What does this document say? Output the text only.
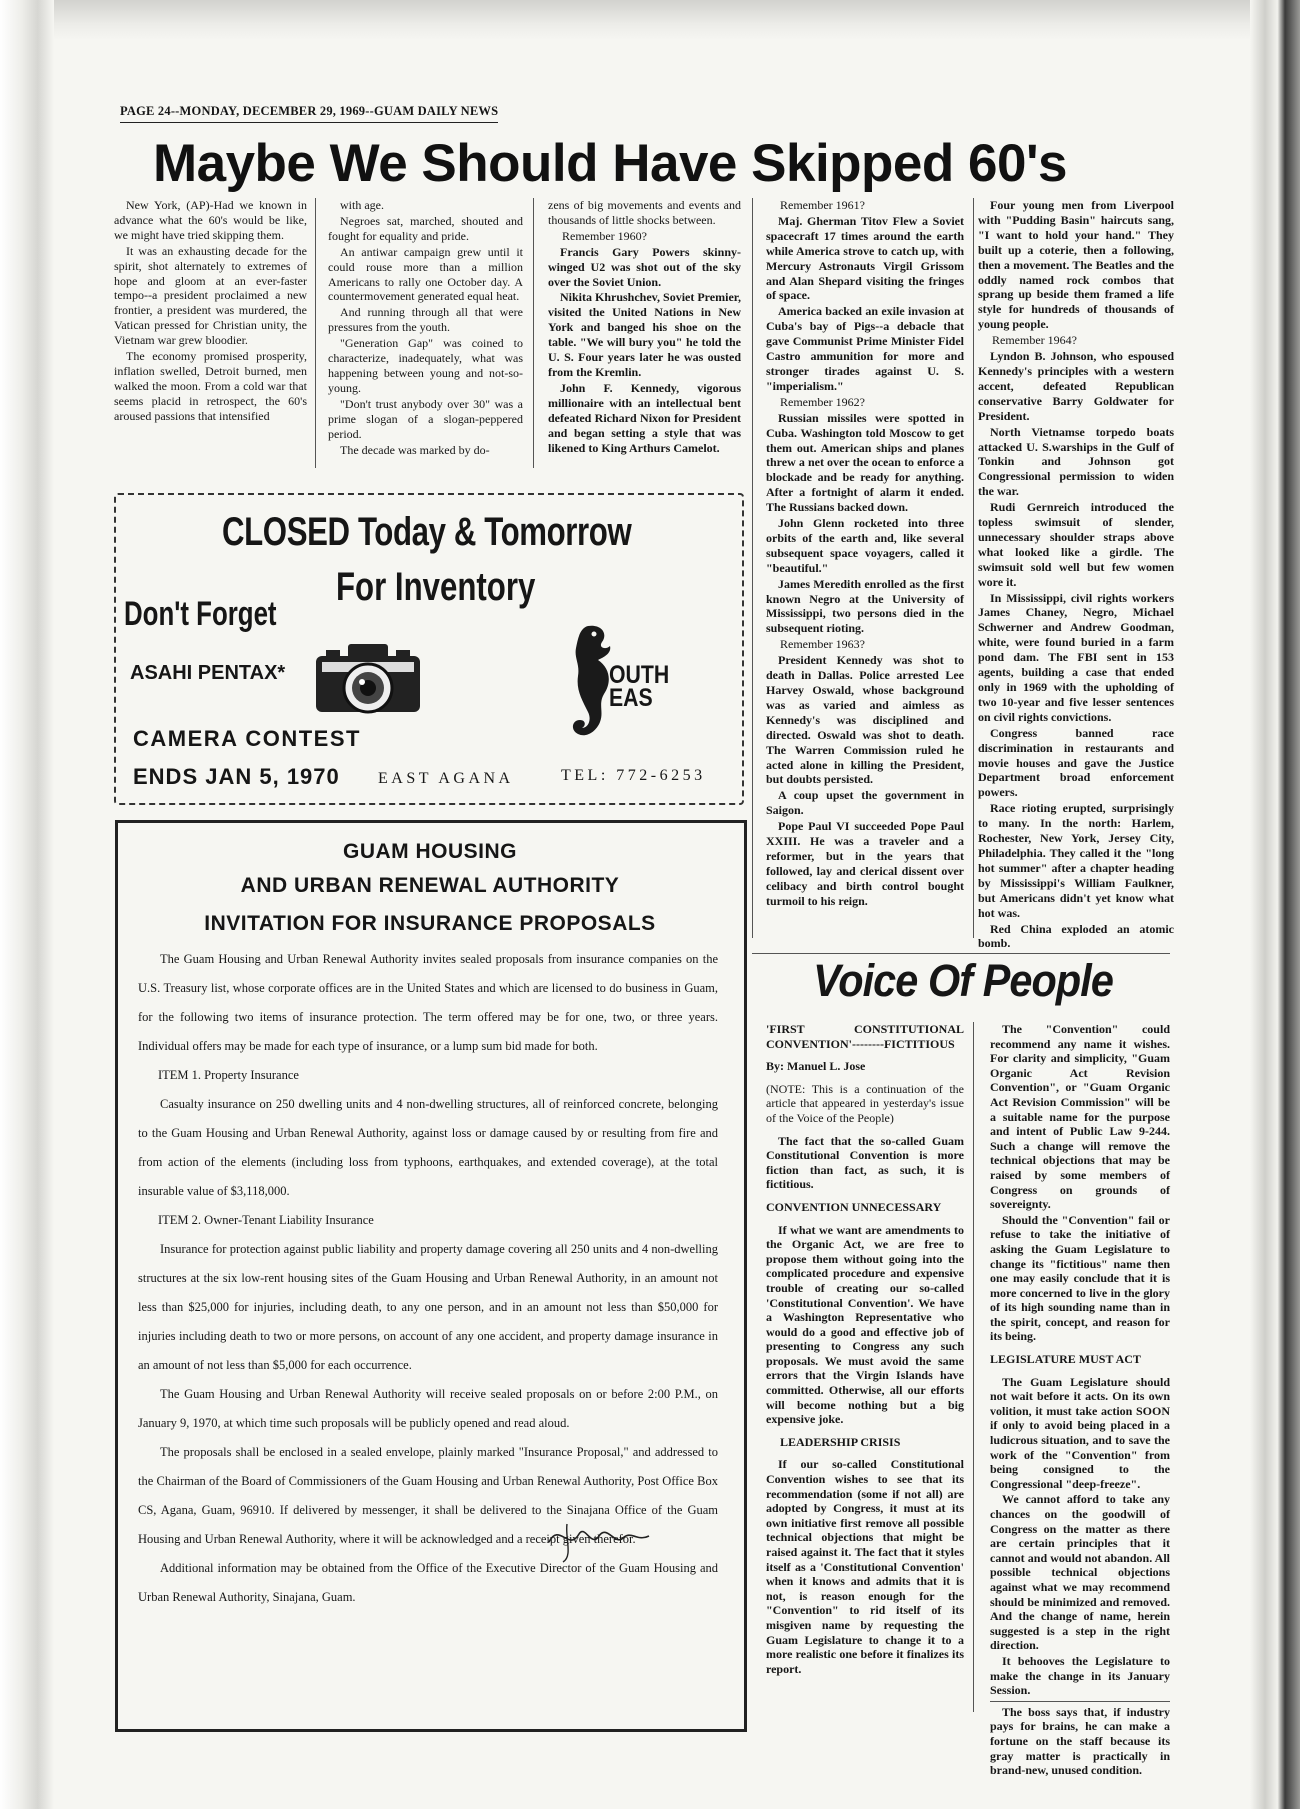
PAGE 24--MONDAY, DECEMBER 29, 1969--GUAM DAILY NEWS
Maybe We Should Have Skipped 60's

New York, (AP)-Had we known in advance what the 60's would be like, we might have tried skipping them.

It was an exhausting decade for the spirit, shot alternately to extremes of hope and gloom at an ever-faster tempo--a president proclaimed a new frontier, a president was murdered, the Vatican pressed for Christian unity, the Vietnam war grew bloodier.

The economy promised prosperity, inflation swelled, Detroit burned, men walked the moon. From a cold war that seems placid in retrospect, the 60's aroused passions that intensified

with age.

Negroes sat, marched, shouted and fought for equality and pride.

An antiwar campaign grew until it could rouse more than a million Americans to rally one October day. A countermovement generated equal heat.

And running through all that were pressures from the youth.

"Generation Gap" was coined to characterize, inadequately, what was happening between young and not-so-young.

"Don't trust anybody over 30" was a prime slogan of a slogan-peppered period.

The decade was marked by do-

zens of big movements and events and thousands of little shocks between.

Remember 1960?

Francis Gary Powers skinny-winged U2 was shot out of the sky over the Soviet Union.

Nikita Khrushchev, Soviet Premier, visited the United Nations in New York and banged his shoe on the table. "We will bury you" he told the U. S. Four years later he was ousted from the Kremlin.

John F. Kennedy, vigorous millionaire with an intellectual bent defeated Richard Nixon for President and began setting a style that was likened to King Arthurs Camelot.

Remember 1961?

Maj. Gherman Titov Flew a Soviet spacecraft 17 times around the earth while America strove to catch up, with Mercury Astronauts Virgil Grissom and Alan Shepard visiting the fringes of space.

America backed an exile invasion at Cuba's bay of Pigs--a debacle that gave Communist Prime Minister Fidel Castro ammunition for more and stronger tirades against U. S. "imperialism."

Remember 1962?

Russian missiles were spotted in Cuba. Washington told Moscow to get them out. American ships and planes threw a net over the ocean to enforce a blockade and be ready for anything. After a fortnight of alarm it ended. The Russians backed down.

John Glenn rocketed into three orbits of the earth and, like several subsequent space voyagers, called it "beautiful."

James Meredith enrolled as the first known Negro at the University of Mississippi, two persons died in the subsequent rioting.

Remember 1963?

President Kennedy was shot to death in Dallas. Police arrested Lee Harvey Oswald, whose background was as varied and aimless as Kennedy's was disciplined and directed. Oswald was shot to death. The Warren Commission ruled he acted alone in killing the President, but doubts persisted.

A coup upset the government in Saigon.

Pope Paul VI succeeded Pope Paul XXIII. He was a traveler and a reformer, but in the years that followed, lay and clerical dissent over celibacy and birth control bought turmoil to his reign.

Four young men from Liverpool with "Pudding Basin" haircuts sang, "I want to hold your hand." They built up a coterie, then a following, then a movement. The Beatles and the oddly named rock combos that sprang up beside them framed a life style for hundreds of thousands of young people.

Remember 1964?

Lyndon B. Johnson, who espoused Kennedy's principles with a western accent, defeated Republican conservative Barry Goldwater for President.

North Vietnamse torpedo boats attacked U. S.warships in the Gulf of Tonkin and Johnson got Congressional permission to widen the war.

Rudi Gernreich introduced the topless swimsuit of slender, unnecessary shoulder straps above what looked like a girdle. The swimsuit sold well but few women wore it.

In Mississippi, civil rights workers James Chaney, Negro, Michael Schwerner and Andrew Goodman, white, were found buried in a farm pond dam. The FBI sent in 153 agents, building a case that ended only in 1969 with the upholding of two 10-year and five lesser sentences on civil rights convictions.

Congress banned race discrimination in restaurants and movie houses and gave the Justice Department broad enforcement powers.

Race rioting erupted, surprisingly to many. In the north: Harlem, Rochester, New York, Jersey City, Philadelphia. They called it the "long hot summer" after a chapter heading by Mississippi's William Faulkner, but Americans didn't yet know what hot was.

Red China exploded an atomic bomb.

CLOSED Today & Tomorrow
For Inventory
Don't Forget
ASAHI PENTAX*	OUTH
EAS
CAMERA CONTEST
ENDS JAN 5, 1970 EAST AGANA	TEL: 772-6253
GUAM HOUSING
AND URBAN RENEWAL AUTHORITY
INVITATION FOR INSURANCE PROPOSALS

The Guam Housing and Urban Renewal Authority invites sealed proposals from insurance companies on the U.S. Treasury list, whose corporate offices are in the United States and which are licensed to do business in Guam, for the following two items of insurance protection. The term offered may be for one, two, or three years. Individual offers may be made for each type of insurance, or a lump sum bid made for both.

ITEM 1. Property Insurance

Casualty insurance on 250 dwelling units and 4 non-dwelling structures, all of reinforced concrete, belonging to the Guam Housing and Urban Renewal Authority, against loss or damage caused by or resulting from fire and from action of the elements (including loss from typhoons, earthquakes, and extended coverage), at the total insurable value of $3,118,000.

ITEM 2. Owner-Tenant Liability Insurance

Insurance for protection against public liability and property damage covering all 250 units and 4 non-dwelling structures at the six low-rent housing sites of the Guam Housing and Urban Renewal Authority, in an amount not less than $25,000 for injuries, including death, to any one person, and in an amount not less than $50,000 for injuries including death to two or more persons, on account of any one accident, and property damage insurance in an amount of not less than $5,000 for each occurrence.

The Guam Housing and Urban Renewal Authority will receive sealed proposals on or before 2:00 P.M., on January 9, 1970, at which time such proposals will be publicly opened and read aloud.

The proposals shall be enclosed in a sealed envelope, plainly marked "Insurance Proposal," and addressed to the Chairman of the Board of Commissioners of the Guam Housing and Urban Renewal Authority, Post Office Box CS, Agana, Guam, 96910. If delivered by messenger, it shall be delivered to the Sinajana Office of the Guam Housing and Urban Renewal Authority, where it will be acknowledged and a receipt given therefor.

Additional information may be obtained from the Office of the Executive Director of the Guam Housing and Urban Renewal Authority, Sinajana, Guam.

Voice Of People

'FIRST CONSTITUTIONAL CONVENTION'--------FICTITIOUS

By: Manuel L. Jose

(NOTE: This is a continuation of the article that appeared in yesterday's issue of the Voice of the People)

The fact that the so-called Guam Constitutional Convention is more fiction than fact, as such, it is fictitious.

CONVENTION UNNECESSARY

If what we want are amendments to the Organic Act, we are free to propose them without going into the complicated procedure and expensive trouble of creating our so-called 'Constitutional Convention'. We have a Washington Representative who would do a good and effective job of presenting to Congress any such proposals. We must avoid the same errors that the Virgin Islands have committed. Otherwise, all our efforts will become nothing but a big expensive joke.

LEADERSHIP CRISIS

If our so-called Constitutional Convention wishes to see that its recommendation (some if not all) are adopted by Congress, it must at its own initiative first remove all possible technical objections that might be raised against it. The fact that it styles itself as a 'Constitutional Convention' when it knows and admits that it is not, is reason enough for the "Convention" to rid itself of its misgiven name by requesting the Guam Legislature to change it to a more realistic one before it finalizes its report.

The "Convention" could recommend any name it wishes. For clarity and simplicity, "Guam Organic Act Revision Convention", or "Guam Organic Act Revision Commission" will be a suitable name for the purpose and intent of Public Law 9-244. Such a change will remove the technical objections that may be raised by some members of Congress on grounds of sovereignty.

Should the "Convention" fail or refuse to take the initiative of asking the Guam Legislature to change its "fictitious" name then one may easily conclude that it is more concerned to live in the glory of its high sounding name than in the spirit, concept, and reason for its being.

LEGISLATURE MUST ACT

The Guam Legislature should not wait before it acts. On its own volition, it must take action SOON if only to avoid being placed in a ludicrous situation, and to save the work of the "Convention" from being consigned to the Congressional "deep-freeze".

We cannot afford to take any chances on the goodwill of Congress on the matter as there are certain principles that it cannot and would not abandon. All possible technical objections against what we may recommend should be minimized and removed. And the change of name, herein suggested is a step in the right direction.

It behooves the Legislature to make the change in its January Session.

The boss says that, if industry pays for brains, he can make a fortune on the staff because its gray matter is practically in brand-new, unused condition.
